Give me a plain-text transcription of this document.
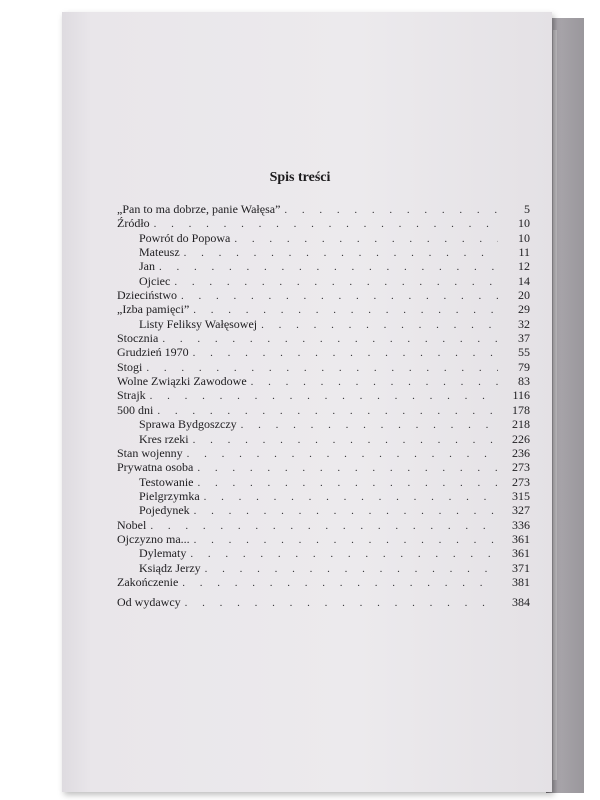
Spis treści
„Pan to ma dobrze, panie Wałęsa” . . .	5
Źródło . . .	10
Powrót do Popowa . . .	10
Mateusz . . .	11
Jan . . .	12
Ojciec . . .	14
Dzieciństwo . . .	20
„Izba pamięci” . . .	29
Listy Feliksy Wałęsowej . . .	32
Stocznia . . .	37
Grudzień 1970 . . .	55
Stogi . . .	79
Wolne Związki Zawodowe . . .	83
Strajk . . .	116
500 dni . . .	178
Sprawa Bydgoszczy . . .	218
Kres rzeki . . .	226
Stan wojenny . . .	236
Prywatna osoba . . .	273
Testowanie . . .	273
Pielgrzymka . . .	315
Pojedynek . . .	327
Nobel . . .	336
Ojczyzno ma... . . .	361
Dylematy . . .	361
Ksiądz Jerzy . . .	371
Zakończenie . . .	381
Od wydawcy . . .	384
